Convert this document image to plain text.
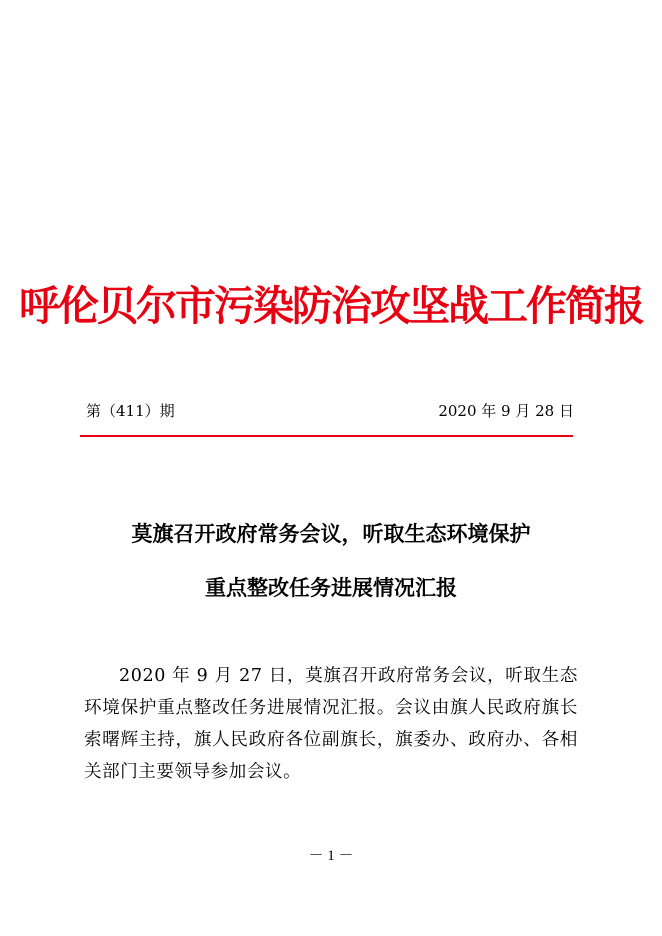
呼伦贝尔市污染防治攻坚战工作简报
第（411）期	2020 年 9 月 28 日
莫旗召开政府常务会议，听取生态环境保护
重点整改任务进展情况汇报

2020 年 9 月 27 日，莫旗召开政府常务会议，听取生态环境保护重点整改任务进展情况汇报。会议由旗人民政府旗长索曙辉主持，旗人民政府各位副旗长，旗委办、政府办、各相关部门主要领导参加会议。

－ 1 －
